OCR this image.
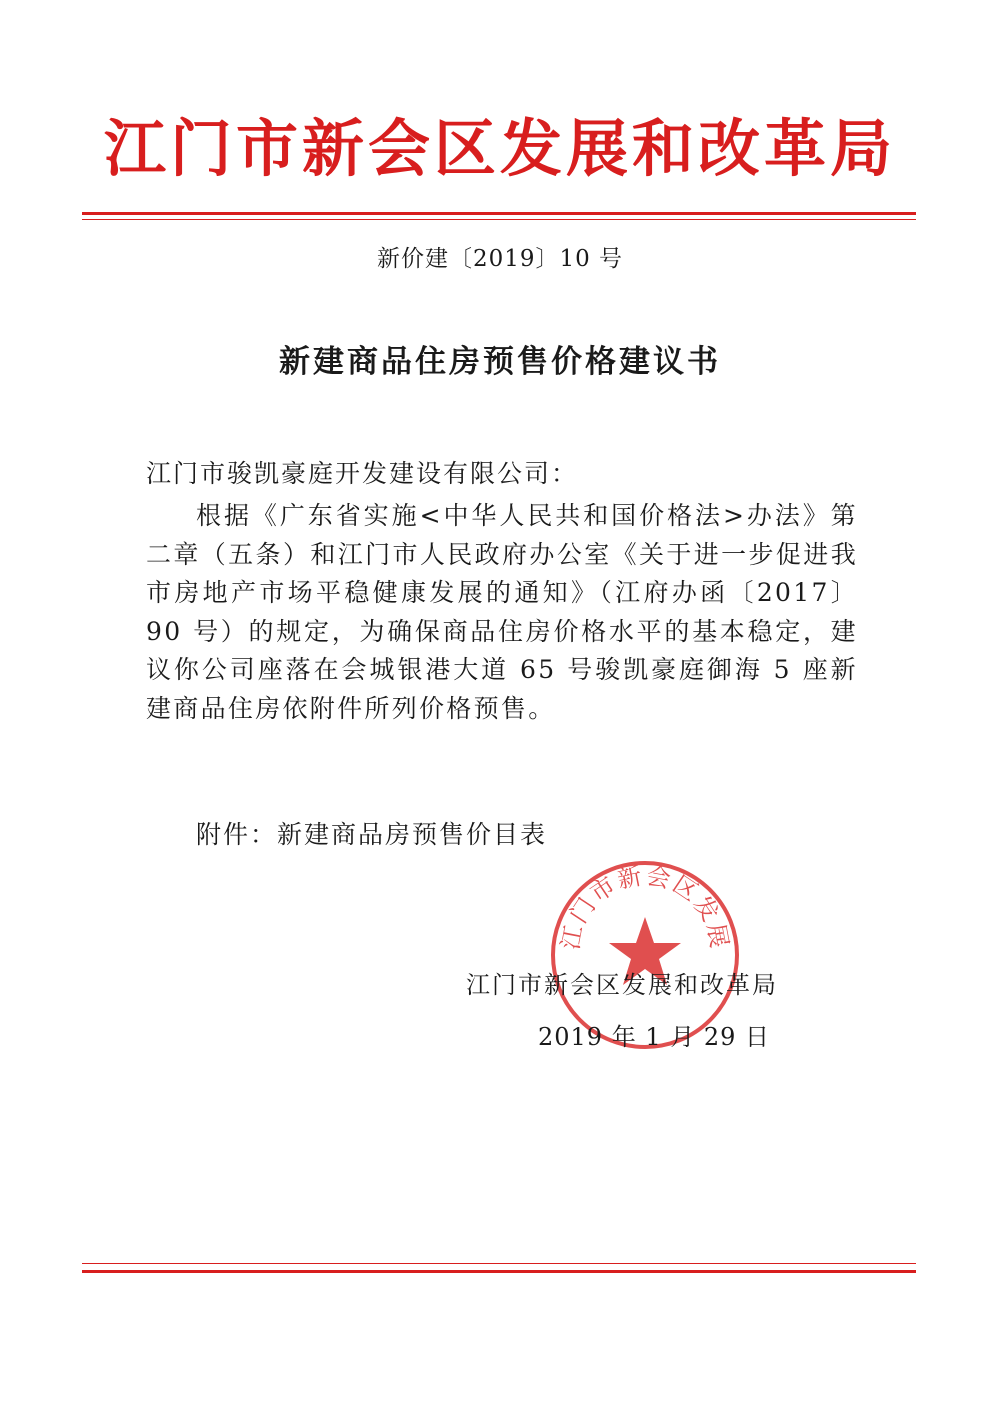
江门市新会区发展和改革局
新价建〔2019〕10 号
新建商品住房预售价格建议书
江门市骏凯豪庭开发建设有限公司：
根据《广东省实施<中华人民共和国价格法>办法》第二章（五条）和江门市人民政府办公室《关于进一步促进我市房地产市场平稳健康发展的通知》（江府办函〔2017〕90 号）的规定，为确保商品住房价格水平的基本稳定，建议你公司座落在会城银港大道 65 号骏凯豪庭御海 5 座新建商品住房依附件所列价格预售。
附件：新建商品房预售价目表
江门市新会区发展
江门市新会区发展和改革局
2019 年 1 月 29 日
